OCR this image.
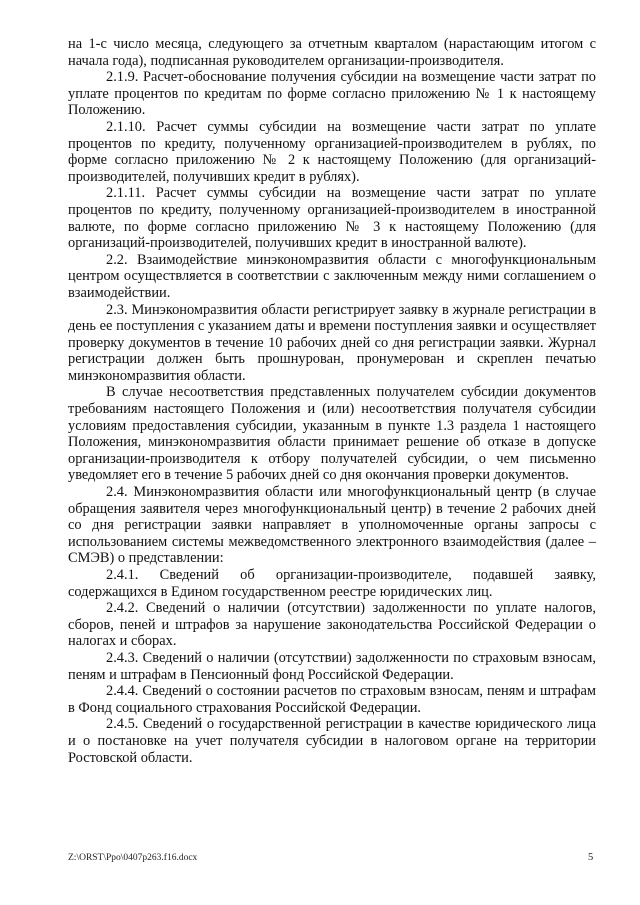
на 1-с число месяца, следующего за отчетным кварталом (нарастающим итогом с начала года), подписанная руководителем организации-производителя.

2.1.9. Расчет-обоснование получения субсидии на возмещение части затрат по уплате процентов по кредитам по форме согласно приложению № 1 к настоящему Положению.

2.1.10. Расчет суммы субсидии на возмещение части затрат по уплате процентов по кредиту, полученному организацией-производителем в рублях, по форме согласно приложению № 2 к настоящему Положению (для организаций-производителей, получивших кредит в рублях).

2.1.11. Расчет суммы субсидии на возмещение части затрат по уплате процентов по кредиту, полученному организацией-производителем в иностранной валюте, по форме согласно приложению № 3 к настоящему Положению (для организаций-производителей, получивших кредит в иностранной валюте).

2.2. Взаимодействие минэкономразвития области с многофункциональным центром осуществляется в соответствии с заключенным между ними соглашением о взаимодействии.

2.3. Минэкономразвития области регистрирует заявку в журнале регистрации в день ее поступления с указанием даты и времени поступления заявки и осуществляет проверку документов в течение 10 рабочих дней со дня регистрации заявки. Журнал регистрации должен быть прошнурован, пронумерован и скреплен печатью минэкономразвития области.

В случае несоответствия представленных получателем субсидии документов требованиям настоящего Положения и (или) несоответствия получателя субсидии условиям предоставления субсидии, указанным в пункте 1.3 раздела 1 настоящего Положения, минэкономразвития области принимает решение об отказе в допуске организации-производителя к отбору получателей субсидии, о чем письменно уведомляет его в течение 5 рабочих дней со дня окончания проверки документов.

2.4. Минэкономразвития области или многофункциональный центр (в случае обращения заявителя через многофункциональный центр) в течение 2 рабочих дней со дня регистрации заявки направляет в уполномоченные органы запросы с использованием системы межведомственного электронного взаимодействия (далее – СМЭВ) о представлении:

2.4.1. Сведений об организации-производителе, подавшей заявку, содержащихся в Едином государственном реестре юридических лиц.

2.4.2. Сведений о наличии (отсутствии) задолженности по уплате налогов, сборов, пеней и штрафов за нарушение законодательства Российской Федерации о налогах и сборах.

2.4.3. Сведений о наличии (отсутствии) задолженности по страховым взносам, пеням и штрафам в Пенсионный фонд Российской Федерации.

2.4.4. Сведений о состоянии расчетов по страховым взносам, пеням и штрафам в Фонд социального страхования Российской Федерации.

2.4.5. Сведений о государственной регистрации в качестве юридического лица и о постановке на учет получателя субсидии в налоговом органе на территории Ростовской области.

Z:\ORST\Ppo\0407p263.f16.docx	5
